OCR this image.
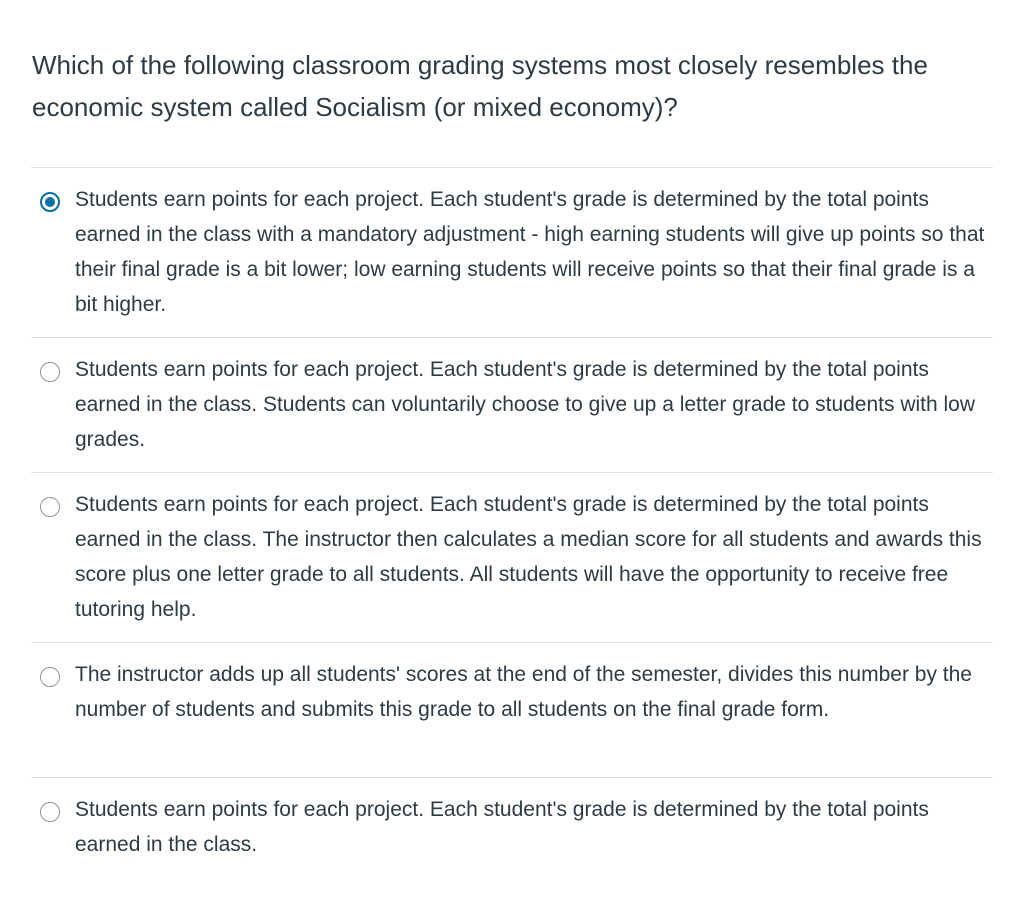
Which of the following classroom grading systems most closely resembles the economic system called Socialism (or mixed economy)?

Students earn points for each project. Each student's grade is determined by the total points earned in the class with a mandatory adjustment - high earning students will give up points so that their final grade is a bit lower; low earning students will receive points so that their final grade is a bit higher.

Students earn points for each project. Each student's grade is determined by the total points earned in the class. Students can voluntarily choose to give up a letter grade to students with low grades.

Students earn points for each project. Each student's grade is determined by the total points earned in the class. The instructor then calculates a median score for all students and awards this score plus one letter grade to all students. All students will have the opportunity to receive free tutoring help.

The instructor adds up all students' scores at the end of the semester, divides this number by the number of students and submits this grade to all students on the final grade form.

Students earn points for each project. Each student's grade is determined by the total points earned in the class.
